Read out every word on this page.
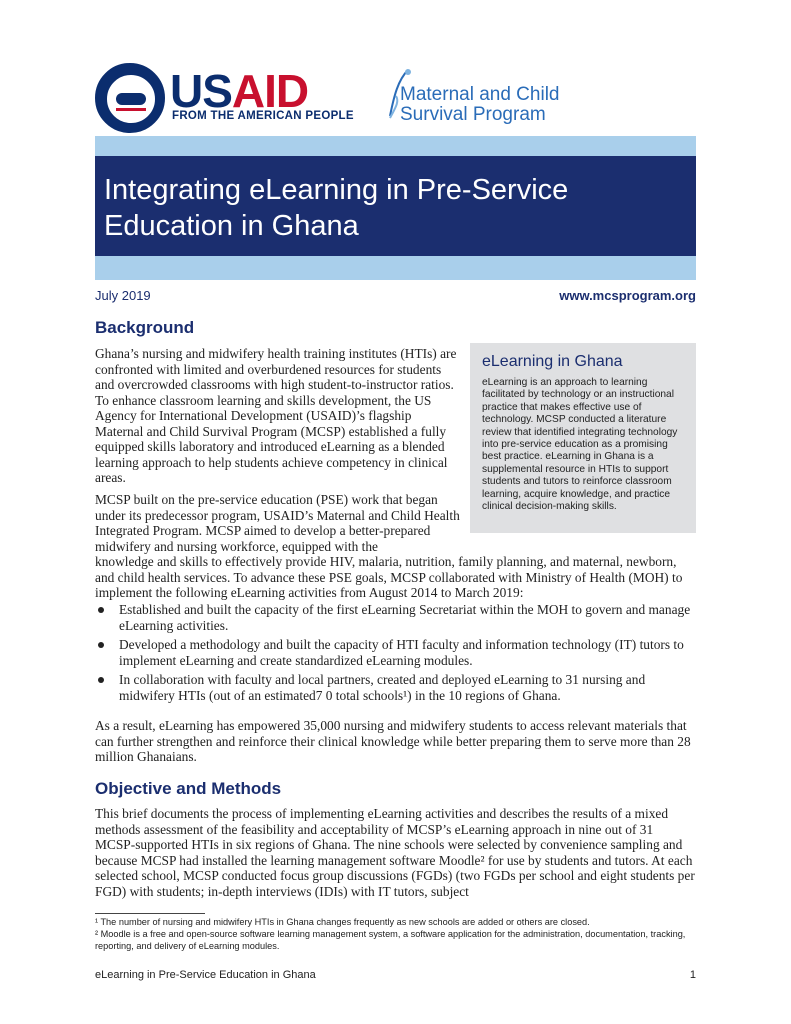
USAID
FROM THE AMERICAN PEOPLE
Maternal and Child
Survival Program
Integrating eLearning in Pre-Service Education in Ghana
July 2019	www.mcsprogram.org
Background
Ghana’s nursing and midwifery health training institutes (HTIs) are confronted with limited and overburdened resources for students and overcrowded classrooms with high student-to-instructor ratios. To enhance classroom learning and skills development, the US Agency for International Development (USAID)’s flagship Maternal and Child Survival Program (MCSP) established a fully equipped skills laboratory and introduced eLearning as a blended learning approach to help students achieve competency in clinical areas.
MCSP built on the pre-service education (PSE) work that began under its predecessor program, USAID’s Maternal and Child Health Integrated Program. MCSP aimed to develop a better-prepared midwifery and nursing workforce, equipped with the
knowledge and skills to effectively provide HIV, malaria, nutrition, family planning, and maternal, newborn, and child health services. To advance these PSE goals, MCSP collaborated with Ministry of Health (MOH) to implement the following eLearning activities from August 2014 to March 2019:
Established and built the capacity of the first eLearning Secretariat within the MOH to govern and manage eLearning activities.
Developed a methodology and built the capacity of HTI faculty and information technology (IT) tutors to implement eLearning and create standardized eLearning modules.
In collaboration with faculty and local partners, created and deployed eLearning to 31 nursing and midwifery HTIs (out of an estimated7 0 total schools¹) in the 10 regions of Ghana.
As a result, eLearning has empowered 35,000 nursing and midwifery students to access relevant materials that can further strengthen and reinforce their clinical knowledge while better preparing them to serve more than 28 million Ghanaians.
eLearning in Ghana
eLearning is an approach to learning facilitated by technology or an instructional practice that makes effective use of technology. MCSP conducted a literature review that identified integrating technology into pre-service education as a promising best practice. eLearning in Ghana is a supplemental resource in HTIs to support students and tutors to reinforce classroom learning, acquire knowledge, and practice clinical decision-making skills.
Objective and Methods
This brief documents the process of implementing eLearning activities and describes the results of a mixed methods assessment of the feasibility and acceptability of MCSP’s eLearning approach in nine out of 31 MCSP-supported HTIs in six regions of Ghana. The nine schools were selected by convenience sampling and because MCSP had installed the learning management software Moodle² for use by students and tutors. At each selected school, MCSP conducted focus group discussions (FGDs) (two FGDs per school and eight students per FGD) with students; in-depth interviews (IDIs) with IT tutors, subject
¹ The number of nursing and midwifery HTIs in Ghana changes frequently as new schools are added or others are closed.
² Moodle is a free and open-source software learning management system, a software application for the administration, documentation, tracking, reporting, and delivery of eLearning modules.
eLearning in Pre-Service Education in Ghana	1
